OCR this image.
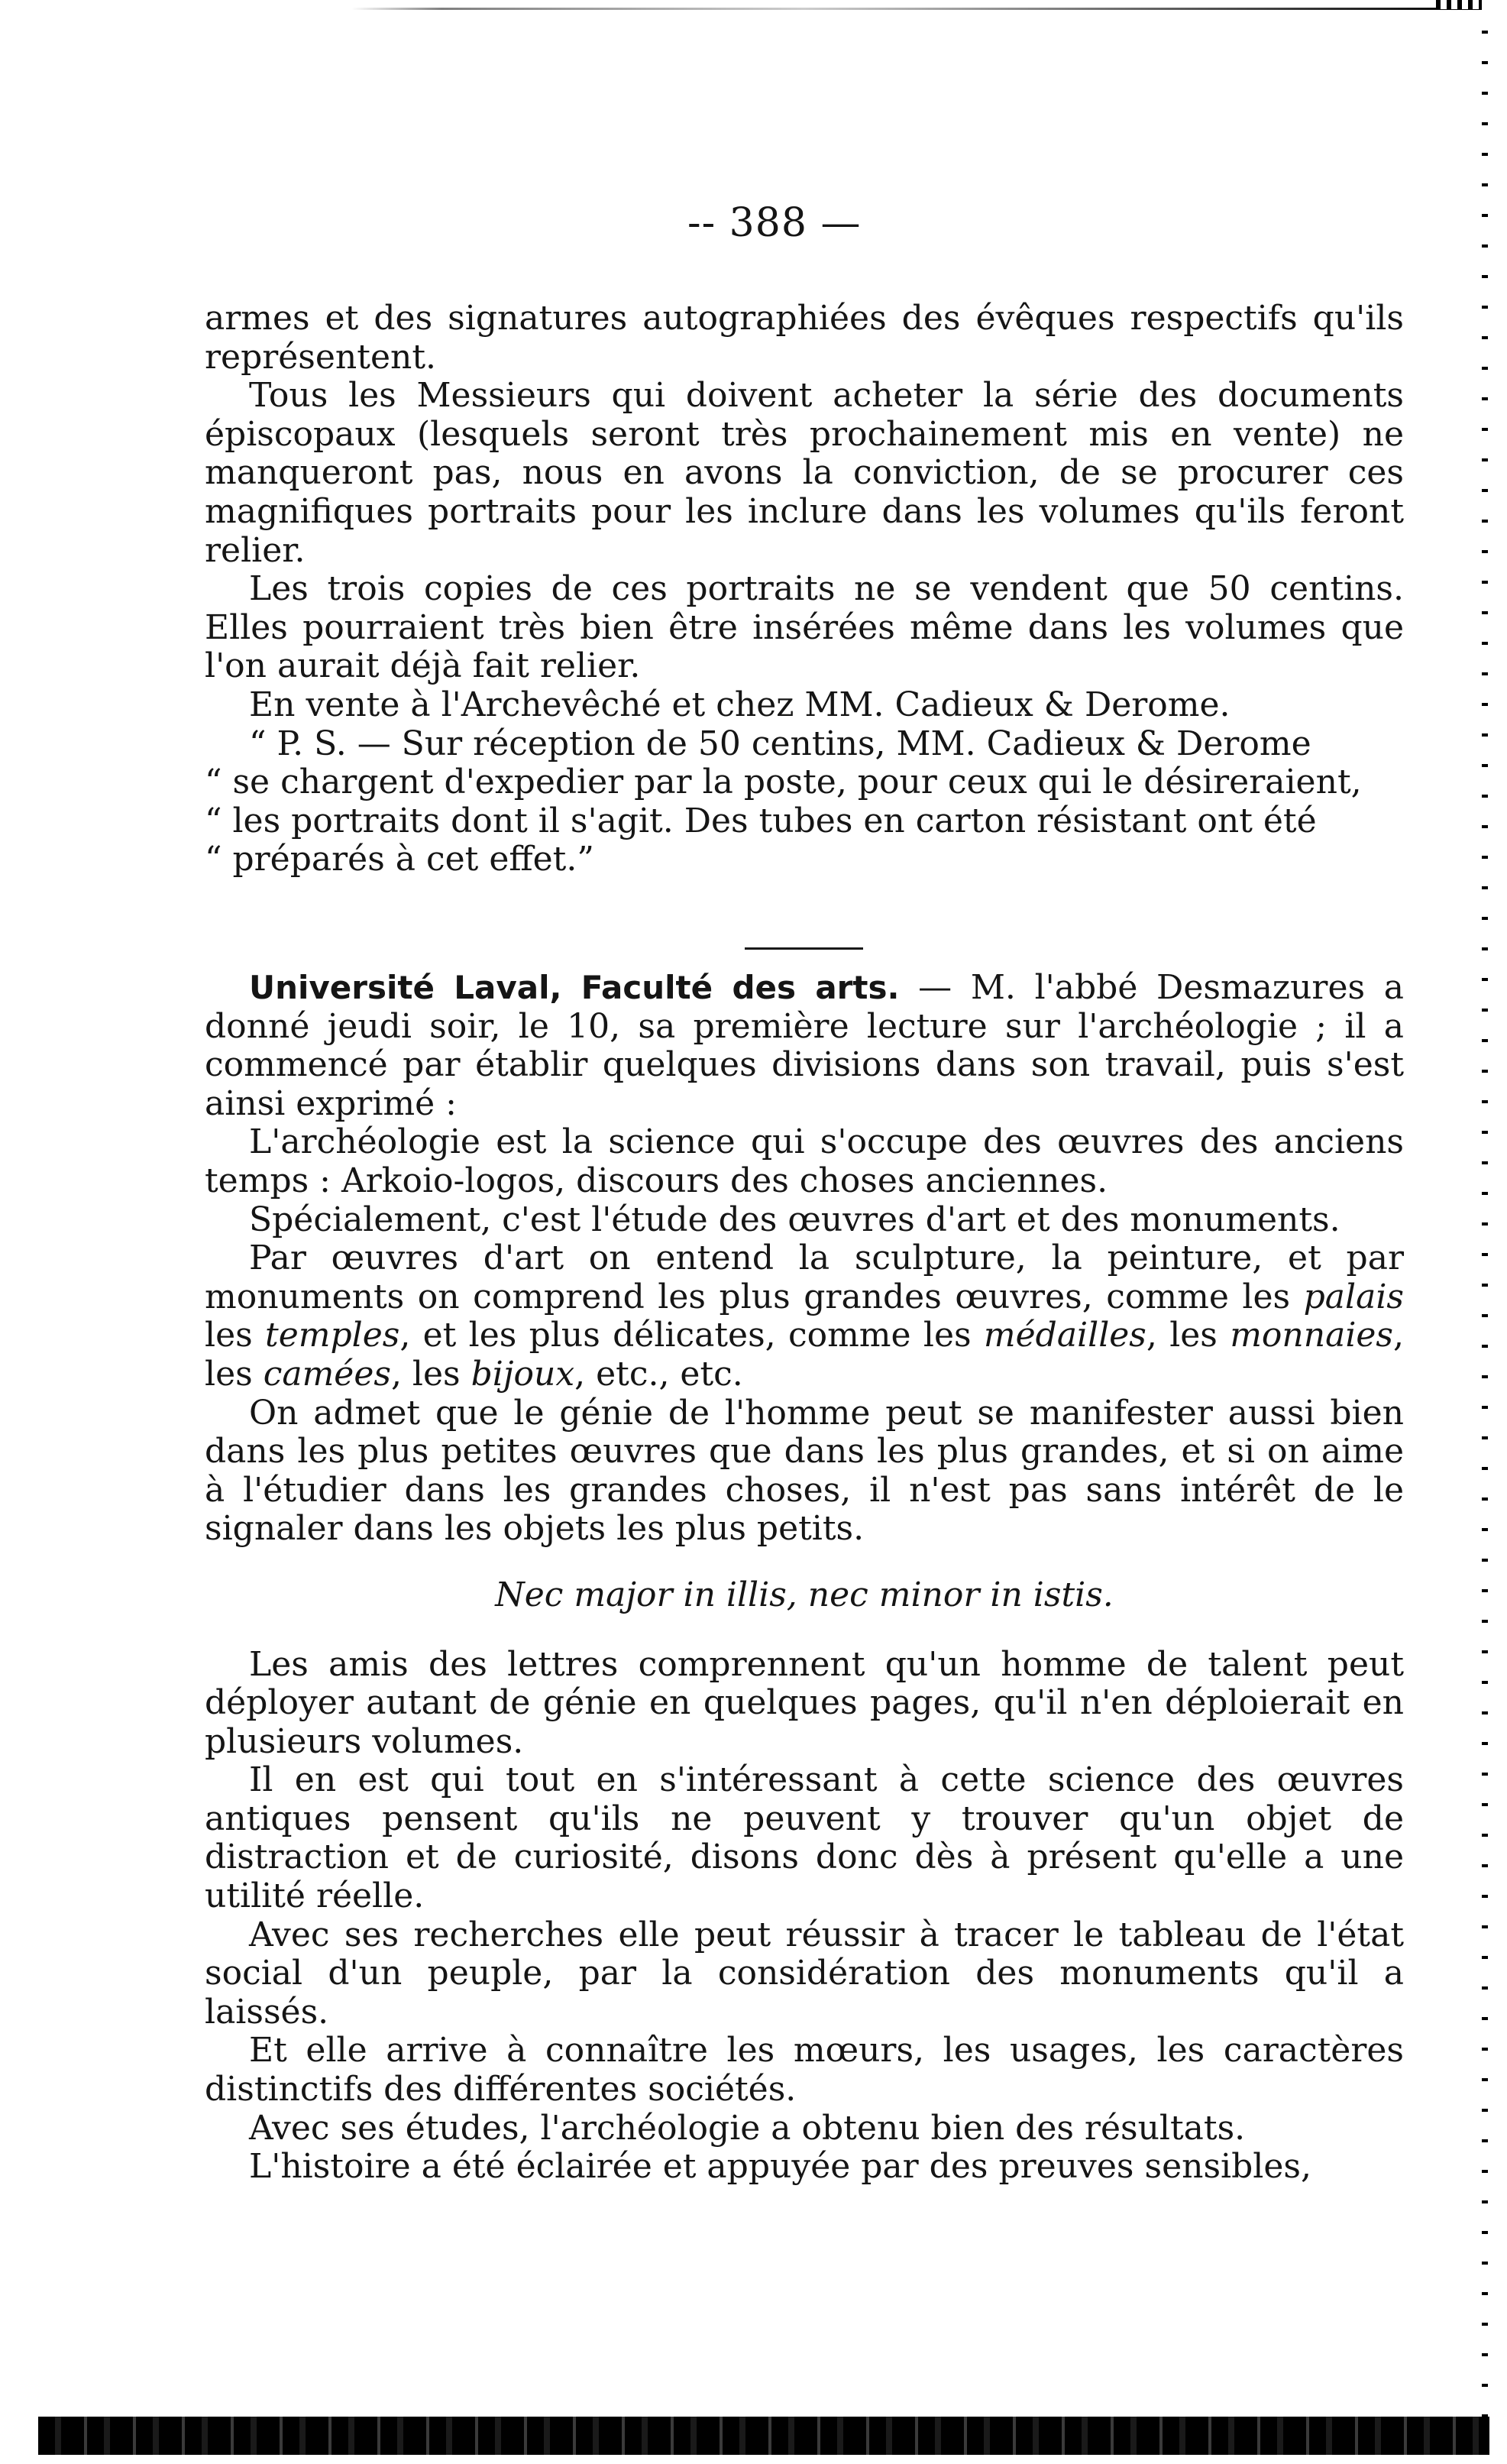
-- 388 —

armes et des signatures autographiées des évêques respectifs qu'ils représentent.

Tous les Messieurs qui doivent acheter la série des documents épiscopaux (lesquels seront très prochainement mis en vente) ne manqueront pas, nous en avons la conviction, de se procurer ces magnifiques portraits pour les inclure dans les volumes qu'ils feront relier.

Les trois copies de ces portraits ne se vendent que 50 centins. Elles pourraient très bien être insérées même dans les volumes que l'on aurait déjà fait relier.

En vente à l'Archevêché et chez MM. Cadieux & Derome.

“ P. S. — Sur réception de 50 centins, MM. Cadieux & Derome

“ se chargent d'expedier par la poste, pour ceux qui le désireraient,

“ les portraits dont il s'agit. Des tubes en carton résistant ont été

“ préparés à cet effet.”

Université Laval, Faculté des arts. — M. l'abbé Desmazures a donné jeudi soir, le 10, sa première lecture sur l'archéologie ; il a commencé par établir quelques divisions dans son travail, puis s'est ainsi exprimé :

L'archéologie est la science qui s'occupe des œuvres des anciens temps : Arkoio-logos, discours des choses anciennes.

Spécialement, c'est l'étude des œuvres d'art et des monuments.

Par œuvres d'art on entend la sculpture, la peinture, et par monuments on comprend les plus grandes œuvres, comme les palais les temples, et les plus délicates, comme les médailles, les monnaies, les camées, les bijoux, etc., etc.

On admet que le génie de l'homme peut se manifester aussi bien dans les plus petites œuvres que dans les plus grandes, et si on aime à l'étudier dans les grandes choses, il n'est pas sans intérêt de le signaler dans les objets les plus petits.

Nec major in illis, nec minor in istis.

Les amis des lettres comprennent qu'un homme de talent peut déployer autant de génie en quelques pages, qu'il n'en déploierait en plusieurs volumes.

Il en est qui tout en s'intéressant à cette science des œuvres antiques pensent qu'ils ne peuvent y trouver qu'un objet de distraction et de curiosité, disons donc dès à présent qu'elle a une utilité réelle.

Avec ses recherches elle peut réussir à tracer le tableau de l'état social d'un peuple, par la considération des monuments qu'il a laissés.

Et elle arrive à connaître les mœurs, les usages, les caractères distinctifs des différentes sociétés.

Avec ses études, l'archéologie a obtenu bien des résultats.

L'histoire a été éclairée et appuyée par des preuves sensibles,
